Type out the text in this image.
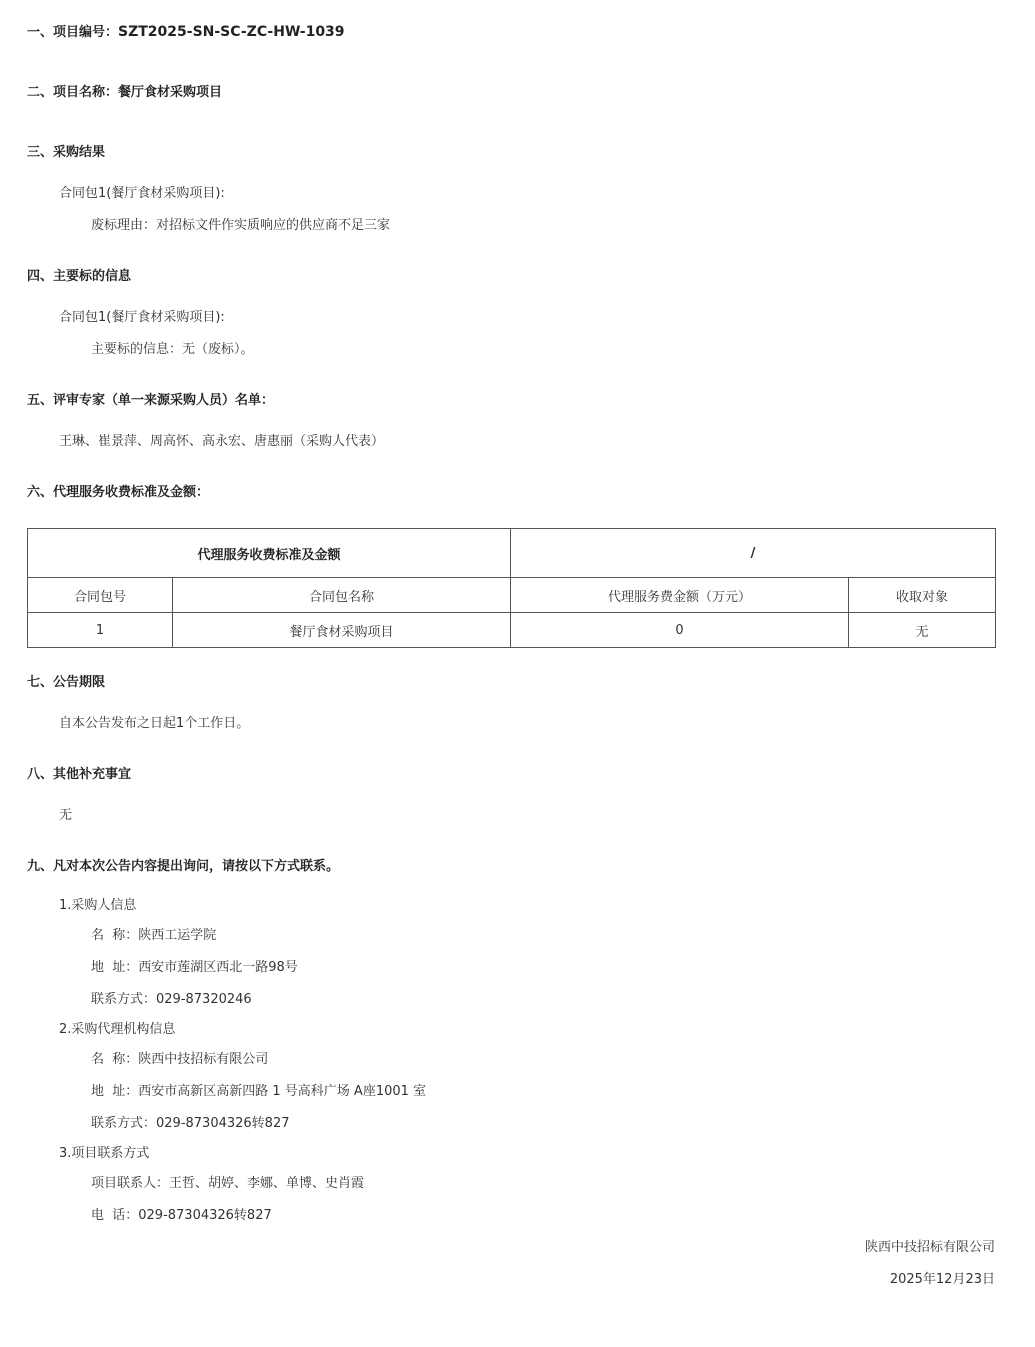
一、项目编号：SZT2025-SN-SC-ZC-HW-1039
二、项目名称：餐厅食材采购项目
三、采购结果
合同包1(餐厅食材采购项目):
废标理由：对招标文件作实质响应的供应商不足三家
四、主要标的信息
合同包1(餐厅食材采购项目):
主要标的信息：无（废标）。
五、评审专家（单一来源采购人员）名单：
王琳、崔景萍、周高怀、高永宏、唐惠丽（采购人代表）
六、代理服务收费标准及金额：
代理服务收费标准及金额		/	
合同包号	合同包名称	代理服务费金额（万元）	收取对象
1	餐厅食材采购项目	0	无
七、公告期限
自本公告发布之日起1个工作日。
八、其他补充事宜
无
九、凡对本次公告内容提出询问，请按以下方式联系。
1.采购人信息
名  称：陕西工运学院
地  址：西安市莲湖区西北一路98号
联系方式：029-87320246
2.采购代理机构信息
名  称：陕西中技招标有限公司
地  址：西安市高新区高新四路 1 号高科广场 A座1001 室
联系方式：029-87304326转827
3.项目联系方式
项目联系人：王哲、胡婷、李娜、单博、史肖霞
电  话：029-87304326转827
陕西中技招标有限公司
2025年12月23日
